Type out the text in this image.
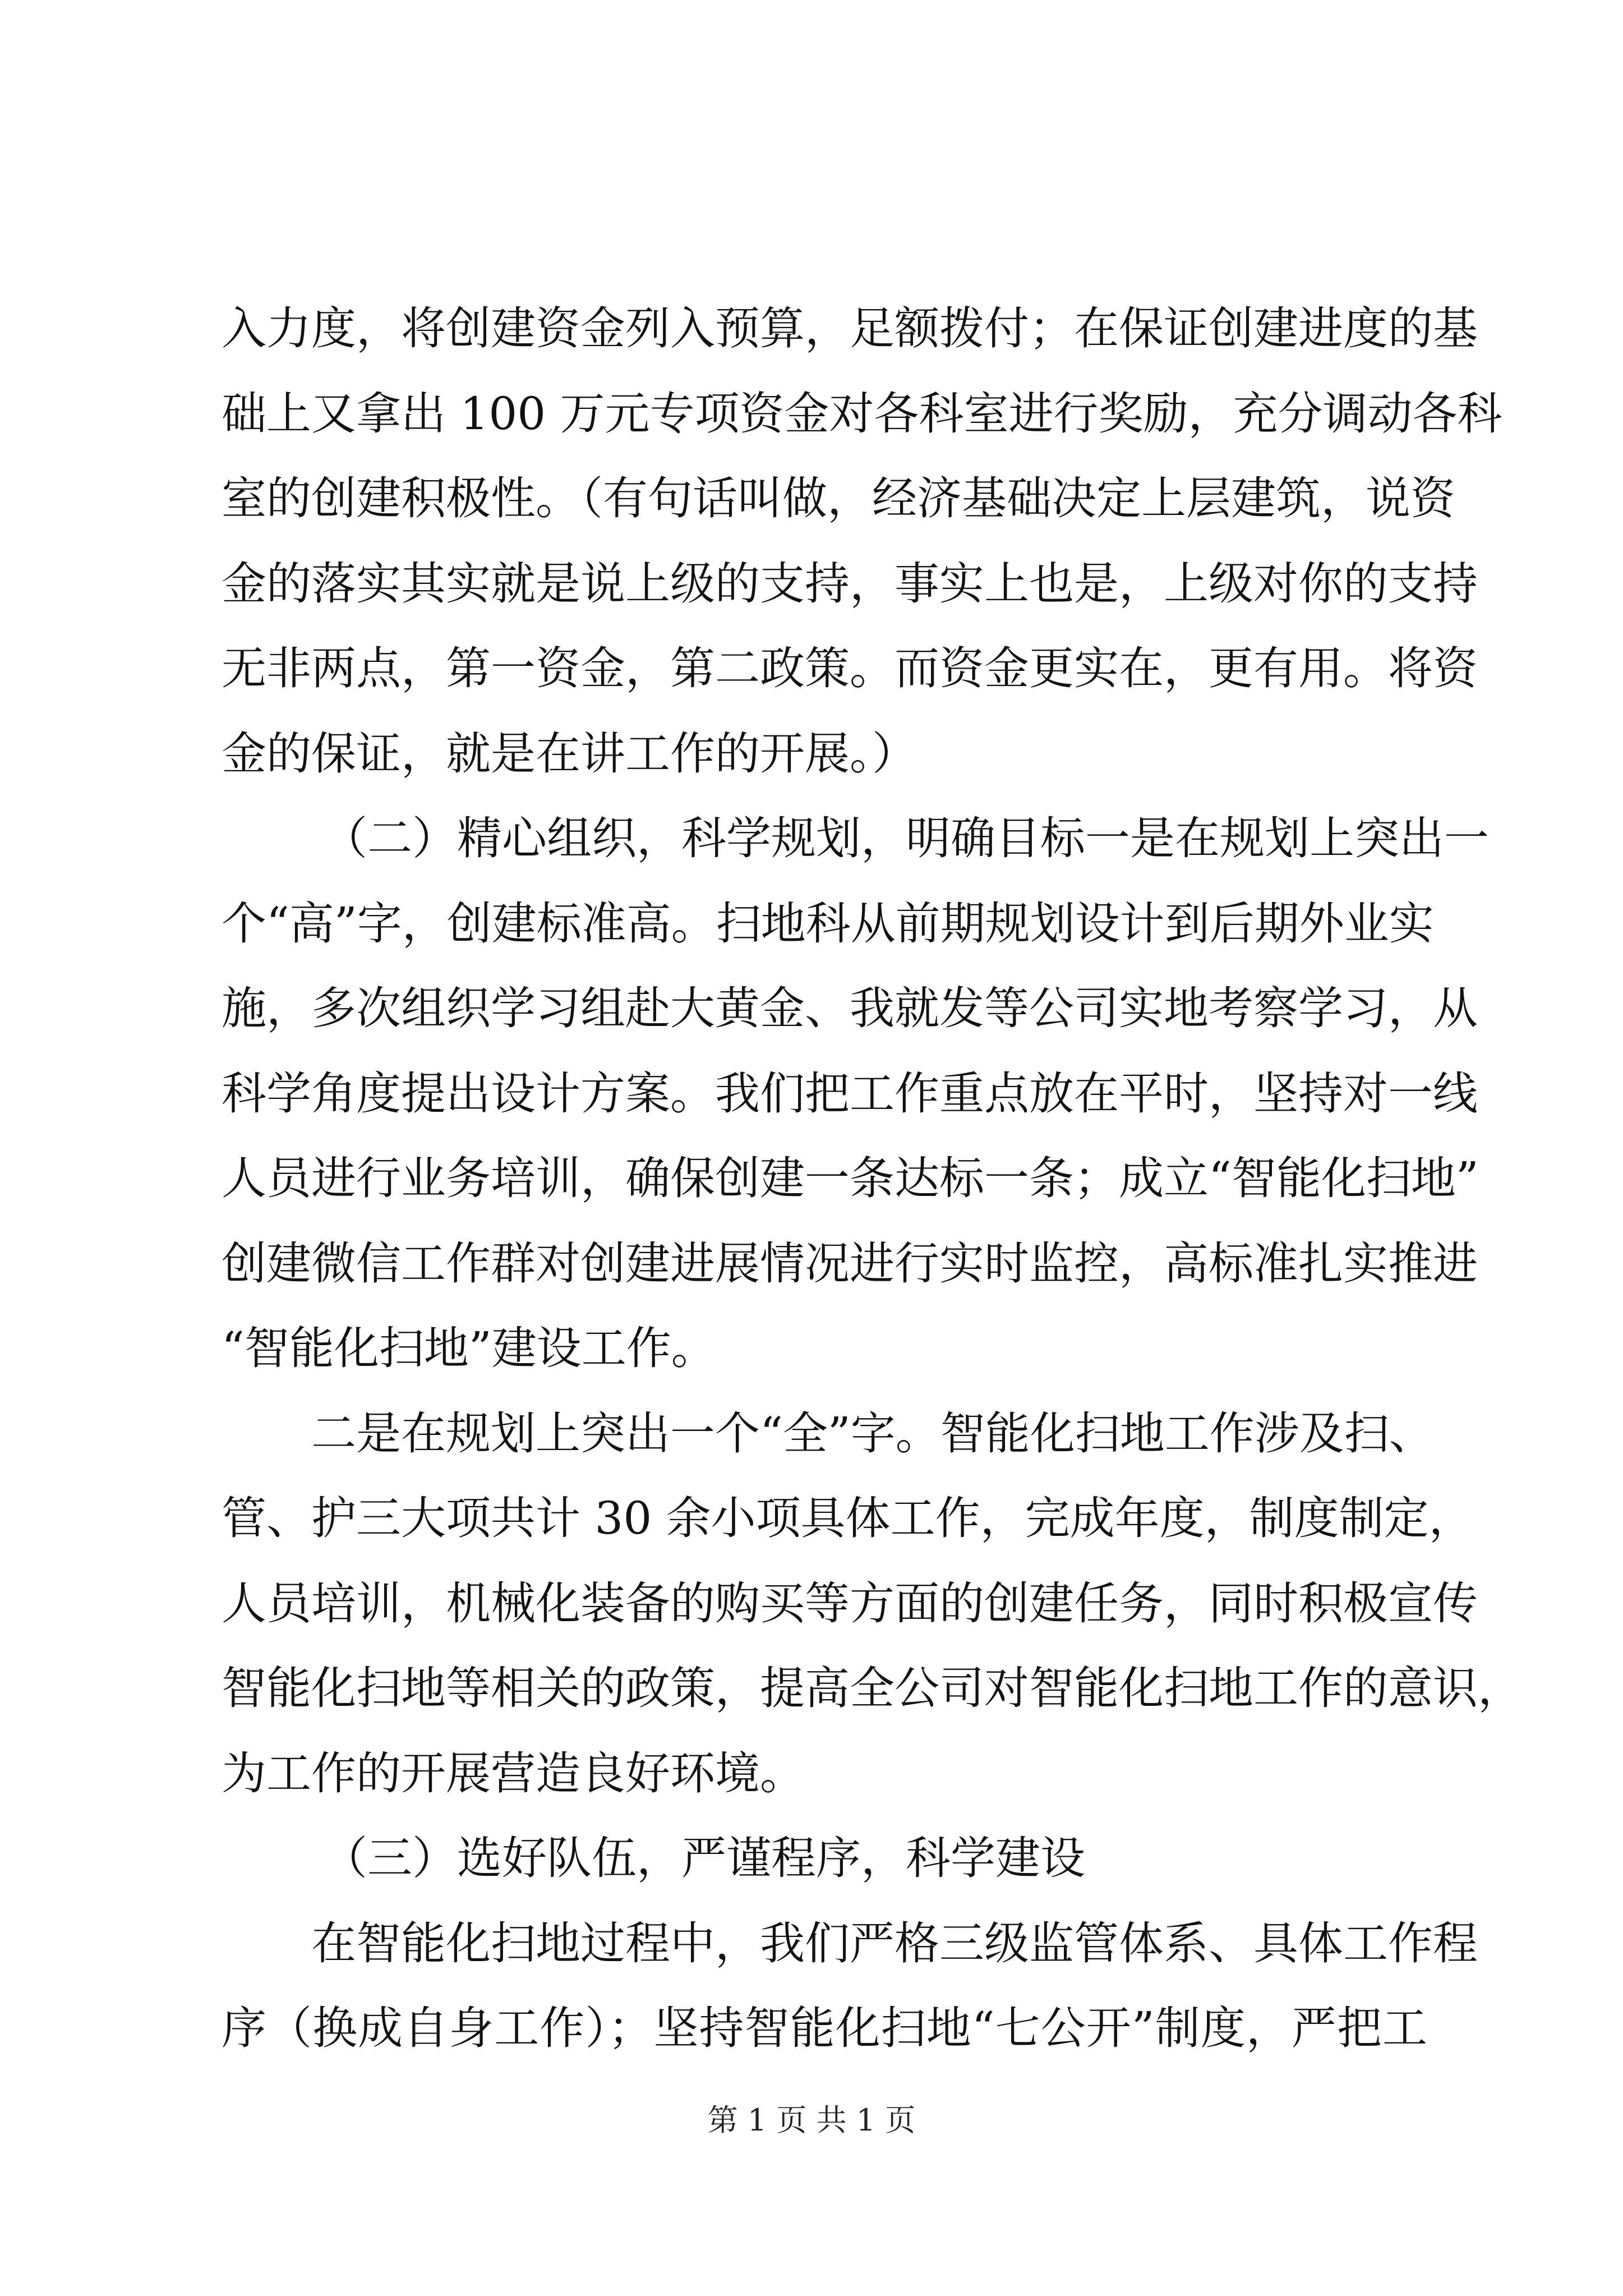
入力度，将创建资金列入预算，足额拨付；在保证创建进度的基
础上又拿出 100 万元专项资金对各科室进行奖励，充分调动各科
室的创建积极性。（有句话叫做，经济基础决定上层建筑，说资
金的落实其实就是说上级的支持，事实上也是，上级对你的支持
无非两点，第一资金，第二政策。而资金更实在，更有用。将资
金的保证，就是在讲工作的开展。）
（二）精心组织，科学规划，明确目标一是在规划上突出一
个“高”字，创建标准高。扫地科从前期规划设计到后期外业实
施，多次组织学习组赴大黄金、我就发等公司实地考察学习，从
科学角度提出设计方案。我们把工作重点放在平时，坚持对一线
人员进行业务培训，确保创建一条达标一条；成立“智能化扫地”
创建微信工作群对创建进展情况进行实时监控，高标准扎实推进
“智能化扫地”建设工作。
二是在规划上突出一个“全”字。智能化扫地工作涉及扫、
管、护三大项共计 30 余小项具体工作，完成年度，制度制定，
人员培训，机械化装备的购买等方面的创建任务，同时积极宣传
智能化扫地等相关的政策，提高全公司对智能化扫地工作的意识，
为工作的开展营造良好环境。
（三）选好队伍，严谨程序，科学建设
在智能化扫地过程中，我们严格三级监管体系、具体工作程
序（换成自身工作）；坚持智能化扫地“七公开”制度，严把工
第 1 页 共 1 页
